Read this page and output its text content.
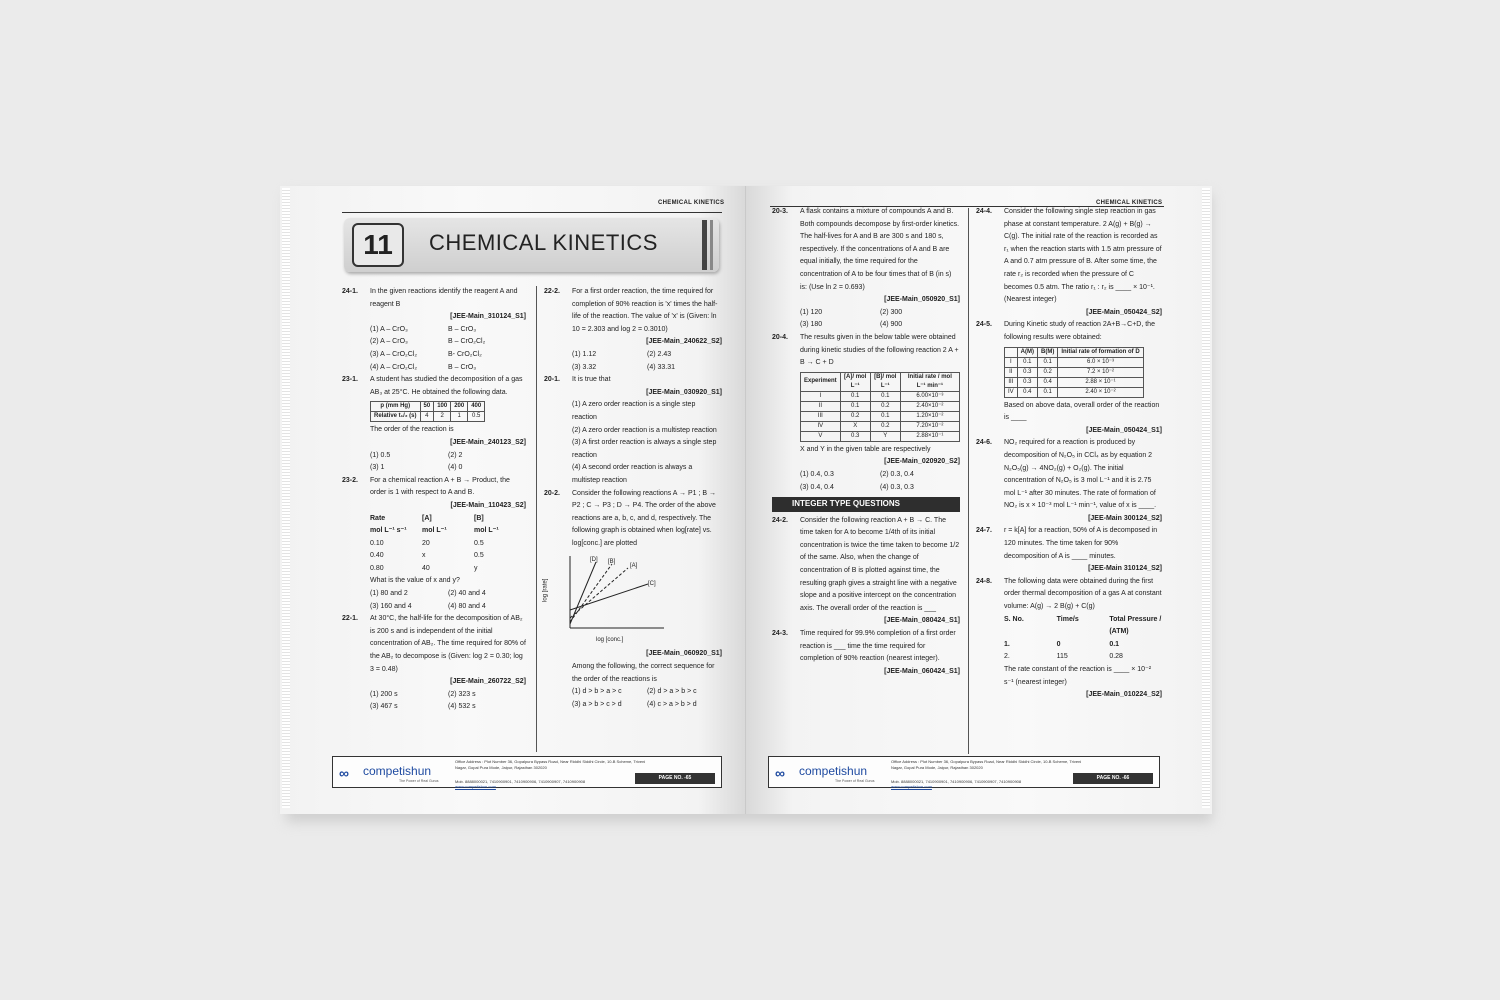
CHEMICAL KINETICS
11	CHEMICAL KINETICS
24-1.	In the given reactions identify the reagent A and reagent B
[JEE-Main_310124_S1]
(1) A – CrO₃	B – CrO₃
(2) A – CrO₃	B – CrO₂Cl₂
(3) A – CrO₂Cl₂	B- CrO₂Cl₂
(4) A – CrO₂Cl₂	B – CrO₃
23-1.	A student has studied the decomposition of a gas AB₃ at 25°C. He obtained the following data.
p (mm Hg)	50	100	200	400
Relative t₁/₂ (s)	4	2	1	0.5
The order of the reaction is
[JEE-Main_240123_S2]
(1) 0.5	(2) 2
(3) 1	(4) 0
23-2.	For a chemical reaction A + B → Product, the order is 1 with respect to A and B.
[JEE-Main_110423_S2]
Rate	[A]	[B]
mol L⁻¹ s⁻¹	mol L⁻¹	mol L⁻¹
0.10	20	0.5
0.40	x	0.5
0.80	40	y
What is the value of x and y?
(1) 80 and 2	(2) 40 and 4
(3) 160 and 4	(4) 80 and 4
22-1.	At 30°C, the half-life for the decomposition of AB₂ is 200 s and is independent of the initial concentration of AB₂. The time required for 80% of the AB₂ to decompose is (Given: log 2 = 0.30; log 3 = 0.48)
[JEE-Main_260722_S2]
(1) 200 s	(2) 323 s
(3) 467 s	(4) 532 s
22-2.	For a first order reaction, the time required for completion of 90% reaction is 'x' times the half-life of the reaction. The value of 'x' is (Given: ln 10 = 2.303 and log 2 = 0.3010)
[JEE-Main_240622_S2]
(1) 1.12	(2) 2.43
(3) 3.32	(4) 33.31
20-1.	It is true that
[JEE-Main_030920_S1]
(1) A zero order reaction is a single step reaction
(2) A zero order reaction is a multistep reaction
(3) A first order reaction is always a single step reaction
(4) A second order reaction is always a multistep reaction
20-2.	Consider the following reactions A → P1 ; B → P2 ; C → P3 ; D → P4. The order of the above reactions are a, b, c, and d, respectively. The following graph is obtained when log[rate] vs. log[conc.] are plotted
[D] [B]
[A]
[C]
log [rate]
log [conc.]
[JEE-Main_060920_S1]
Among the following, the correct sequence for the order of the reactions is
(1) d > b > a > c	(2) d > a > b > c
(3) a > b > c > d	(4) c > a > b > d
∞ competishun
The Power of Real Gurus
Office Address : Plot Number 36, Gopalpura Bypass Road, Near Riddhi Siddhi Circle, 10-B Scheme, Triveni Nagar, Gopal Pura Mode, Jaipur, Rajasthan 302020
Mob. 8888000021, 7410900901, 7410900906, 7410900907, 7410900908
www.competishun.com
PAGE NO. -65
CHEMICAL KINETICS
20-3.	A flask contains a mixture of compounds A and B. Both compounds decompose by first-order kinetics. The half-lives for A and B are 300 s and 180 s, respectively. If the concentrations of A and B are equal initially, the time required for the concentration of A to be four times that of B (in s) is: (Use ln 2 = 0.693)
[JEE-Main_050920_S1]
(1) 120	(2) 300
(3) 180	(4) 900
20-4.	The results given in the below table were obtained during kinetic studies of the following reaction 2 A + B → C + D
Experiment	[A]/ mol L⁻¹	[B]/ mol L⁻¹	Initial rate / mol L⁻¹ min⁻¹
I	0.1	0.1	6.00×10⁻³
II	0.1	0.2	2.40×10⁻²
III	0.2	0.1	1.20×10⁻²
IV	X	0.2	7.20×10⁻²
V	0.3	Y	2.88×10⁻¹
X and Y in the given table are respectively
[JEE-Main_020920_S2]
(1) 0.4, 0.3	(2) 0.3, 0.4
(3) 0.4, 0.4	(4) 0.3, 0.3
INTEGER TYPE QUESTIONS
24-2.	Consider the following reaction A + B → C. The time taken for A to become 1/4th of its initial concentration is twice the time taken to become 1/2 of the same. Also, when the change of concentration of B is plotted against time, the resulting graph gives a straight line with a negative slope and a positive intercept on the concentration axis. The overall order of the reaction is ___
[JEE-Main_080424_S1]
24-3.	Time required for 99.9% completion of a first order reaction is ___ time the time required for completion of 90% reaction (nearest integer).
[JEE-Main_060424_S1]
24-4.	Consider the following single step reaction in gas phase at constant temperature. 2 A(g) + B(g) → C(g). The initial rate of the reaction is recorded as r₁ when the reaction starts with 1.5 atm pressure of A and 0.7 atm pressure of B. After some time, the rate r₂ is recorded when the pressure of C becomes 0.5 atm. The ratio r₁ : r₂ is ____ × 10⁻¹. (Nearest integer)
[JEE-Main_050424_S2]
24-5.	During Kinetic study of reaction 2A+B→C+D, the following results were obtained:
	A(M)	B(M)	Initial rate of formation of D
I	0.1	0.1	6.0 × 10⁻³
II	0.3	0.2	7.2 × 10⁻²
III	0.3	0.4	2.88 × 10⁻¹
IV	0.4	0.1	2.40 × 10⁻²
Based on above data, overall order of the reaction is ____
[JEE-Main_050424_S1]
24-6.	NO₂ required for a reaction is produced by decomposition of N₂O₅ in CCl₄ as by equation 2 N₂O₅(g) → 4NO₂(g) + O₂(g). The initial concentration of N₂O₅ is 3 mol L⁻¹ and it is 2.75 mol L⁻¹ after 30 minutes. The rate of formation of NO₂ is x × 10⁻³ mol L⁻¹ min⁻¹, value of x is ____.
[JEE-Main 300124_S2]
24-7.	r = k[A] for a reaction, 50% of A is decomposed in 120 minutes. The time taken for 90% decomposition of A is ____ minutes.
[JEE-Main 310124_S2]
24-8.	The following data were obtained during the first order thermal decomposition of a gas A at constant volume: A(g) → 2 B(g) + C(g)
S. No.	Time/s	Total Pressure / (ATM)
1.	0	0.1
2.	115	0.28
The rate constant of the reaction is ____ × 10⁻² s⁻¹ (nearest integer)
[JEE-Main_010224_S2]
∞ competishun
The Power of Real Gurus
Office Address : Plot Number 36, Gopalpura Bypass Road, Near Riddhi Siddhi Circle, 10-B Scheme, Triveni Nagar, Gopal Pura Mode, Jaipur, Rajasthan 302020
Mob. 8888000021, 7410900901, 7410900906, 7410900907, 7410900908
www.competishun.com
PAGE NO. -66
